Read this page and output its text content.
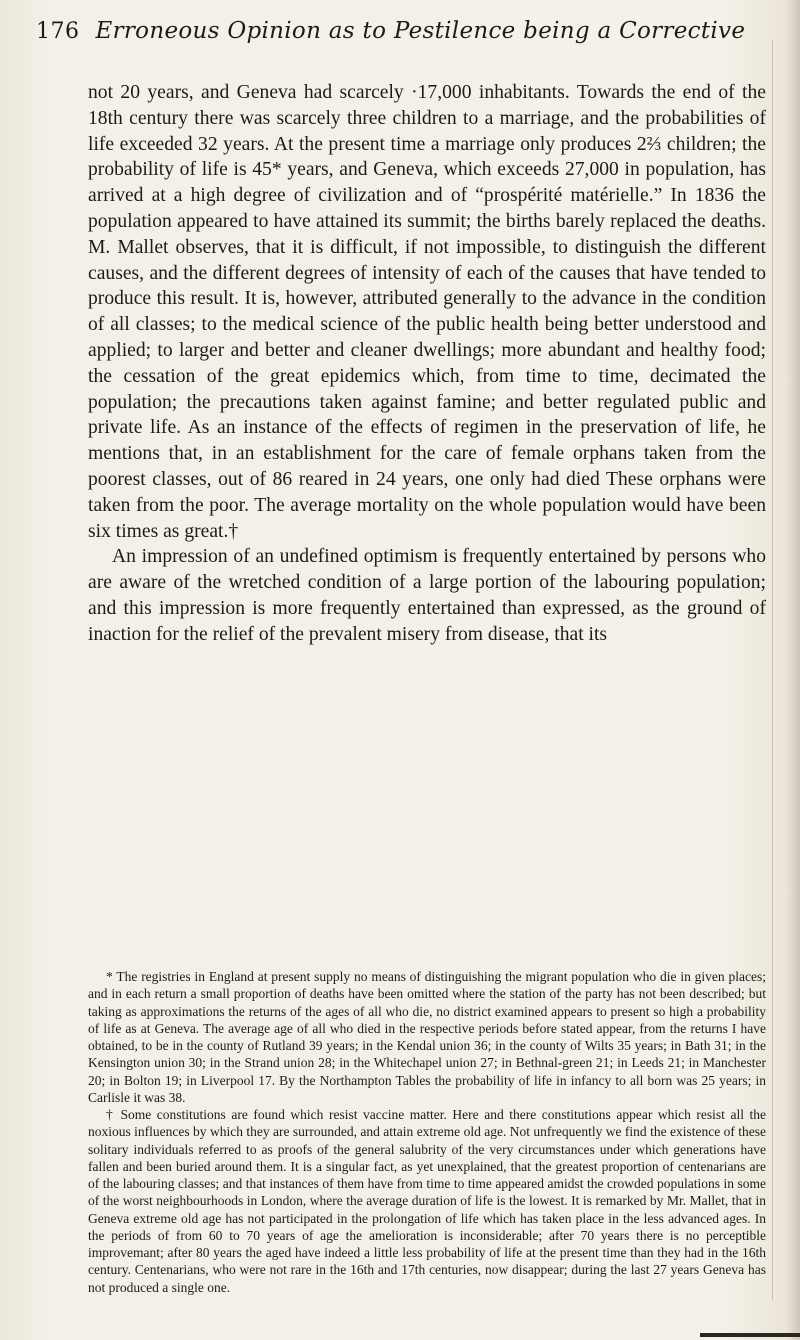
176 Erroneous Opinion as to Pestilence being a Corrective

not 20 years, and Geneva had scarcely ·17,000 inhabitants. Towards the end of the 18th century there was scarcely three children to a marriage, and the probabilities of life exceeded 32 years. At the present time a marriage only produces 2⅔ children; the probability of life is 45* years, and Geneva, which exceeds 27,000 in population, has arrived at a high degree of civilization and of “prospérité matérielle.” In 1836 the population appeared to have attained its summit; the births barely replaced the deaths. M. Mallet observes, that it is difficult, if not impossible, to distinguish the different causes, and the different degrees of intensity of each of the causes that have tended to produce this result. It is, however, attributed generally to the advance in the condition of all classes; to the medical science of the public health being better understood and applied; to larger and better and cleaner dwellings; more abundant and healthy food; the cessation of the great epidemics which, from time to time, decimated the population; the precautions taken against famine; and better regulated public and private life. As an instance of the effects of regimen in the preservation of life, he mentions that, in an establishment for the care of female orphans taken from the poorest classes, out of 86 reared in 24 years, one only had died These orphans were taken from the poor. The average mortality on the whole population would have been six times as great.†

An impression of an undefined optimism is frequently entertained by persons who are aware of the wretched condition of a large portion of the labouring population; and this impression is more frequently entertained than expressed, as the ground of inaction for the relief of the prevalent misery from disease, that its

* The registries in England at present supply no means of distinguishing the migrant population who die in given places; and in each return a small proportion of deaths have been omitted where the station of the party has not been described; but taking as approximations the returns of the ages of all who die, no district examined appears to present so high a probability of life as at Geneva. The average age of all who died in the respective periods before stated appear, from the returns I have obtained, to be in the county of Rutland 39 years; in the Kendal union 36; in the county of Wilts 35 years; in Bath 31; in the Kensington union 30; in the Strand union 28; in the Whitechapel union 27; in Bethnal-green 21; in Leeds 21; in Manchester 20; in Bolton 19; in Liverpool 17. By the Northampton Tables the probability of life in infancy to all born was 25 years; in Carlisle it was 38.

† Some constitutions are found which resist vaccine matter. Here and there constitutions appear which resist all the noxious influences by which they are surrounded, and attain extreme old age. Not unfrequently we find the existence of these solitary individuals referred to as proofs of the general salubrity of the very circumstances under which generations have fallen and been buried around them. It is a singular fact, as yet unexplained, that the greatest proportion of centenarians are of the labouring classes; and that instances of them have from time to time appeared amidst the crowded populations in some of the worst neighbourhoods in London, where the average duration of life is the lowest. It is remarked by Mr. Mallet, that in Geneva extreme old age has not participated in the prolongation of life which has taken place in the less advanced ages. In the periods of from 60 to 70 years of age the amelioration is inconsiderable; after 70 years there is no perceptible improvemant; after 80 years the aged have indeed a little less probability of life at the present time than they had in the 16th century. Centenarians, who were not rare in the 16th and 17th centuries, now disappear; during the last 27 years Geneva has not produced a single one.
